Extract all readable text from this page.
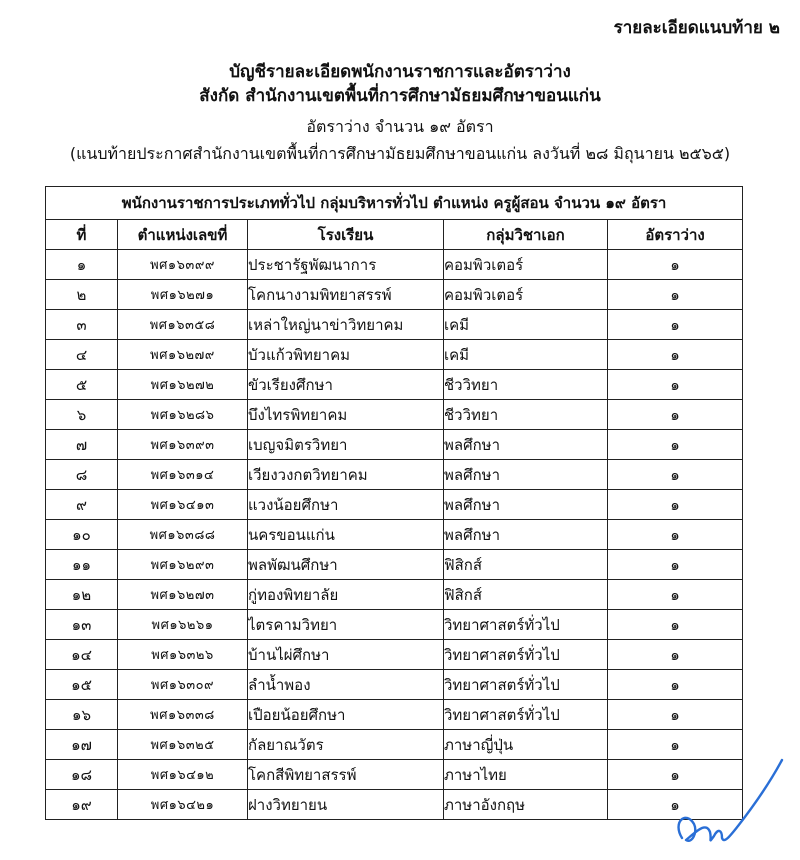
รายละเอียดแนบท้าย ๒
บัญชีรายละเอียดพนักงานราชการและอัตราว่าง
สังกัด สำนักงานเขตพื้นที่การศึกษามัธยมศึกษาขอนแก่น
อัตราว่าง จำนวน ๑๙ อัตรา
(แนบท้ายประกาศสำนักงานเขตพื้นที่การศึกษามัธยมศึกษาขอนแก่น ลงวันที่ ๒๘ มิถุนายน ๒๕๖๕)
พนักงานราชการประเภททั่วไป กลุ่มบริหารทั่วไป ตำแหน่ง ครูผู้สอน จำนวน ๑๙ อัตรา				
ที่	ตำแหน่งเลขที่	โรงเรียน	กลุ่มวิชาเอก	อัตราว่าง
๑	พศ๑๖๓๙๙	ประชารัฐพัฒนาการ	คอมพิวเตอร์	๑
๒	พศ๑๖๒๗๑	โคกนางามพิทยาสรรพ์	คอมพิวเตอร์	๑
๓	พศ๑๖๓๕๘	เหล่าใหญ่นาข่าวิทยาคม	เคมี	๑
๔	พศ๑๖๒๗๙	บัวแก้วพิทยาคม	เคมี	๑
๕	พศ๑๖๒๗๒	ขัวเรียงศึกษา	ชีววิทยา	๑
๖	พศ๑๖๒๘๖	บึงไทรพิทยาคม	ชีววิทยา	๑
๗	พศ๑๖๓๙๓	เบญจมิตรวิทยา	พลศึกษา	๑
๘	พศ๑๖๓๑๔	เวียงวงกตวิทยาคม	พลศึกษา	๑
๙	พศ๑๖๔๑๓	แวงน้อยศึกษา	พลศึกษา	๑
๑๐	พศ๑๖๓๘๘	นครขอนแก่น	พลศึกษา	๑
๑๑	พศ๑๖๒๙๓	พลพัฒนศึกษา	ฟิสิกส์	๑
๑๒	พศ๑๖๒๗๓	กู่ทองพิทยาลัย	ฟิสิกส์	๑
๑๓	พศ๑๖๒๖๑	ไตรคามวิทยา	วิทยาศาสตร์ทั่วไป	๑
๑๔	พศ๑๖๓๒๖	บ้านไผ่ศึกษา	วิทยาศาสตร์ทั่วไป	๑
๑๕	พศ๑๖๓๐๙	ลำน้ำพอง	วิทยาศาสตร์ทั่วไป	๑
๑๖	พศ๑๖๓๓๘	เปือยน้อยศึกษา	วิทยาศาสตร์ทั่วไป	๑
๑๗	พศ๑๖๓๒๕	กัลยาณวัตร	ภาษาญี่ปุ่น	๑
๑๘	พศ๑๖๔๑๒	โคกสีพิทยาสรรพ์	ภาษาไทย	๑
๑๙	พศ๑๖๔๒๑	ฝางวิทยายน	ภาษาอังกฤษ	๑
